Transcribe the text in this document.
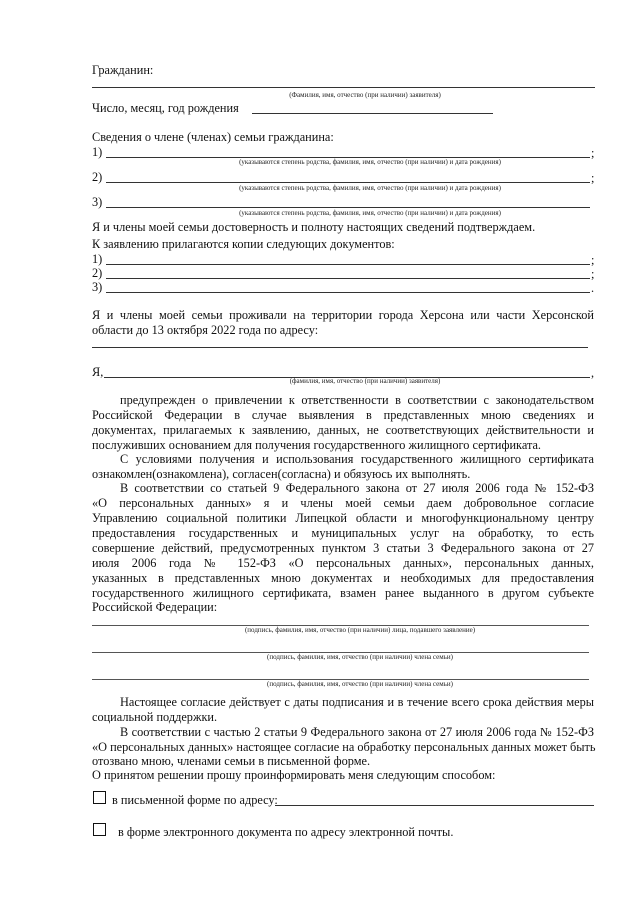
Гражданин:
(Фамилия, имя, отчество (при наличии) заявителя)
Число, месяц, год рождения
Сведения о члене (членах) семьи гражданина:
1)	;
(указываются степень родства, фамилия, имя, отчество (при наличии) и дата рождения)
2)	;
(указываются степень родства, фамилия, имя, отчество (при наличии) и дата рождения)
3)
(указываются степень родства, фамилия, имя, отчество (при наличии) и дата рождения)
Я и члены моей семьи достоверность и полноту настоящих сведений подтверждаем.
К заявлению прилагаются копии следующих документов:
1)	;
2)	;
3)	.
Я и члены моей семьи проживали на территории города Херсона или части Херсонской
области до 13 октября 2022 года по адресу:
Я,	,
(фамилия, имя, отчество (при наличии) заявителя)
предупрежден о привлечении к ответственности в соответствии с законодательством
Российской Федерации в случае выявления в представленных мною сведениях и
документах, прилагаемых к заявлению, данных, не соответствующих действительности и
послуживших основанием для получения государственного жилищного сертификата.
С условиями получения и использования государственного жилищного сертификата
ознакомлен(ознакомлена), согласен(согласна) и обязуюсь их выполнять.
В соответствии со статьей 9 Федерального закона от 27 июля 2006 года № 152-ФЗ
«О персональных данных» я и члены моей семьи даем добровольное согласие
Управлению социальной политики Липецкой области и многофункциональному центру
предоставления государственных и муниципальных услуг на обработку, то есть
совершение действий, предусмотренных пунктом 3 статьи 3 Федерального закона от 27
июля 2006 года № 152-ФЗ «О персональных данных», персональных данных,
указанных в представленных мною документах и необходимых для предоставления
государственного жилищного сертификата, взамен ранее выданного в другом субъекте
Российской Федерации:
(подпись, фамилия, имя, отчество (при наличии) лица, подавшего заявление)
(подпись, фамилия, имя, отчество (при наличии) члена семьи)
(подпись, фамилия, имя, отчество (при наличии) члена семьи)
Настоящее согласие действует с даты подписания и в течение всего срока действия меры
социальной поддержки.
В соответствии с частью 2 статьи 9 Федерального закона от 27 июля 2006 года № 152-ФЗ
«О персональных данных» настоящее согласие на обработку персональных данных может быть
отозвано мною, членами семьи в письменной форме.
О принятом решении прошу проинформировать меня следующим способом:
в письменной форме по адресу:
в форме электронного документа по адресу электронной почты.
